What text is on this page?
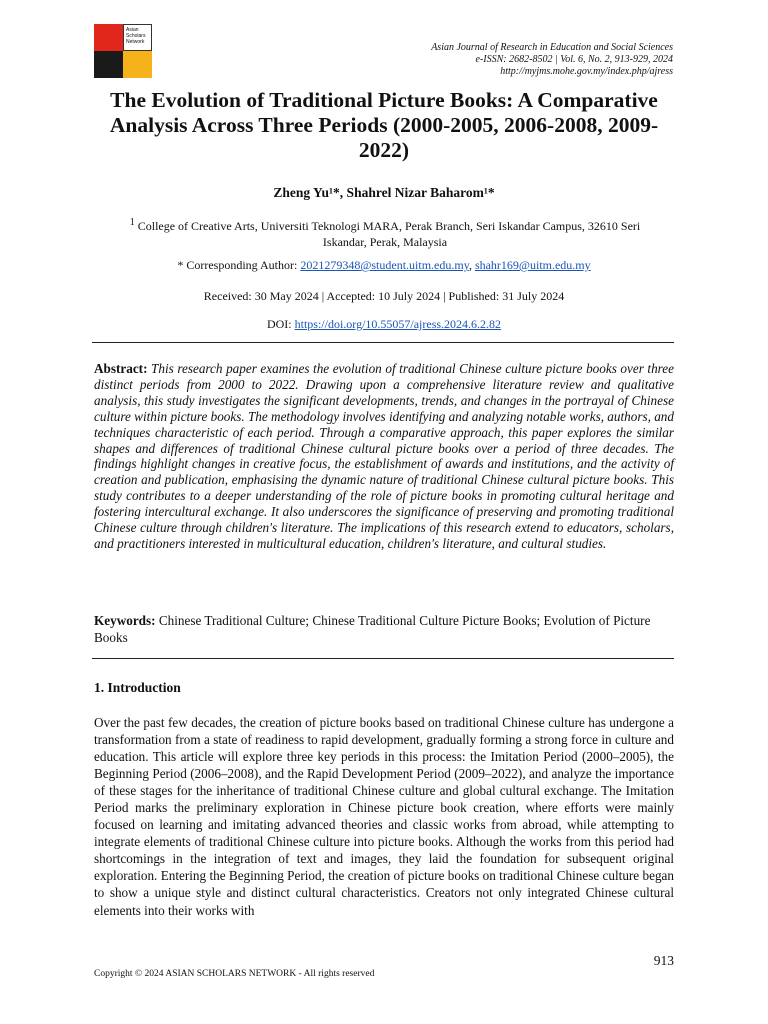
Asian Scholars Network	Asian Journal of Research in Education and Social Sciences
e-ISSN: 2682-8502 | Vol. 6, No. 2, 913-929, 2024
http://myjms.mohe.gov.my/index.php/ajress
The Evolution of Traditional Picture Books: A Comparative Analysis Across Three Periods (2000-2005, 2006-2008, 2009-2022)
Zheng Yu¹*, Shahrel Nizar Baharom¹*
$^1$ College of Creative Arts, Universiti Teknologi MARA, Perak Branch, Seri Iskandar Campus, 32610 Seri Iskandar, Perak, Malaysia
* Corresponding Author: 2021279348@student.uitm.edu.my, shahr169@uitm.edu.my
Received: 30 May 2024 | Accepted: 10 July 2024 | Published: 31 July 2024
DOI: https://doi.org/10.55057/ajress.2024.6.2.82

Abstract: This research paper examines the evolution of traditional Chinese culture picture books over three distinct periods from 2000 to 2022. Drawing upon a comprehensive literature review and qualitative analysis, this study investigates the significant developments, trends, and changes in the portrayal of Chinese culture within picture books. The methodology involves identifying and analyzing notable works, authors, and techniques characteristic of each period. Through a comparative approach, this paper explores the similar shapes and differences of traditional Chinese cultural picture books over a period of three decades. The findings highlight changes in creative focus, the establishment of awards and institutions, and the activity of creation and publication, emphasising the dynamic nature of traditional Chinese cultural picture books. This study contributes to a deeper understanding of the role of picture books in promoting cultural heritage and fostering intercultural exchange. It also underscores the significance of preserving and promoting traditional Chinese culture through children's literature. The implications of this research extend to educators, scholars, and practitioners interested in multicultural education, children's literature, and cultural studies.

Keywords: Chinese Traditional Culture; Chinese Traditional Culture Picture Books; Evolution of Picture Books

1. Introduction

Over the past few decades, the creation of picture books based on traditional Chinese culture has undergone a transformation from a state of readiness to rapid development, gradually forming a strong force in culture and education. This article will explore three key periods in this process: the Imitation Period (2000–2005), the Beginning Period (2006–2008), and the Rapid Development Period (2009–2022), and analyze the importance of these stages for the inheritance of traditional Chinese culture and global cultural exchange. The Imitation Period marks the preliminary exploration in Chinese picture book creation, where efforts were mainly focused on learning and imitating advanced theories and classic works from abroad, while attempting to integrate elements of traditional Chinese culture into picture books. Although the works from this period had shortcomings in the integration of text and images, they laid the foundation for subsequent original exploration. Entering the Beginning Period, the creation of picture books on traditional Chinese culture began to show a unique style and distinct cultural characteristics. Creators not only integrated Chinese cultural elements into their works with

913
Copyright © 2024 ASIAN SCHOLARS NETWORK - All rights reserved
